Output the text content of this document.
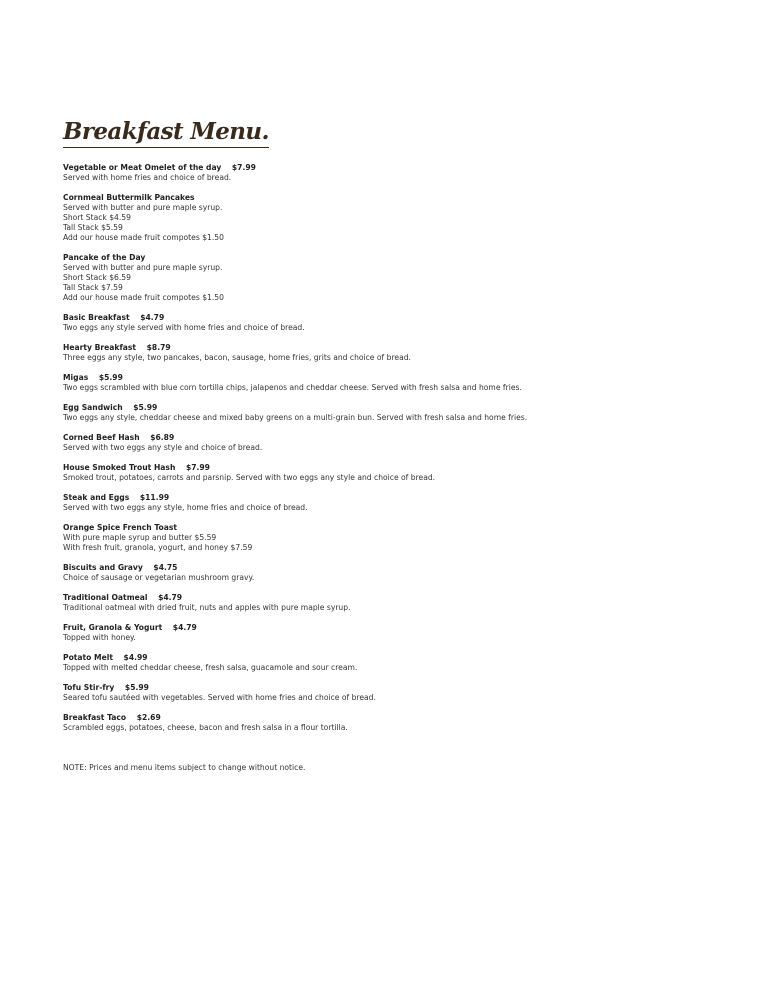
Breakfast Menu.
Vegetable or Meat Omelet of the day $7.99
Served with home fries and choice of bread.
Cornmeal Buttermilk Pancakes
Served with butter and pure maple syrup.
Short Stack $4.59
Tall Stack $5.59
Add our house made fruit compotes $1.50
Pancake of the Day
Served with butter and pure maple syrup.
Short Stack $6.59
Tall Stack $7.59
Add our house made fruit compotes $1.50
Basic Breakfast $4.79
Two eggs any style served with home fries and choice of bread.
Hearty Breakfast $8.79
Three eggs any style, two pancakes, bacon, sausage, home fries, grits and choice of bread.
Migas $5.99
Two eggs scrambled with blue corn tortilla chips, jalapenos and cheddar cheese. Served with fresh salsa and home fries.
Egg Sandwich $5.99
Two eggs any style, cheddar cheese and mixed baby greens on a multi-grain bun. Served with fresh salsa and home fries.
Corned Beef Hash $6.89
Served with two eggs any style and choice of bread.
House Smoked Trout Hash $7.99
Smoked trout, potatoes, carrots and parsnip. Served with two eggs any style and choice of bread.
Steak and Eggs $11.99
Served with two eggs any style, home fries and choice of bread.
Orange Spice French Toast
With pure maple syrup and butter $5.59
With fresh fruit, granola, yogurt, and honey $7.59
Biscuits and Gravy $4.75
Choice of sausage or vegetarian mushroom gravy.
Traditional Oatmeal $4.79
Traditional oatmeal with dried fruit, nuts and apples with pure maple syrup.
Fruit, Granola & Yogurt $4.79
Topped with honey.
Potato Melt $4.99
Topped with melted cheddar cheese, fresh salsa, guacamole and sour cream.
Tofu Stir-fry $5.99
Seared tofu sautéed with vegetables. Served with home fries and choice of bread.
Breakfast Taco $2.69
Scrambled eggs, potatoes, cheese, bacon and fresh salsa in a flour tortilla.
NOTE: Prices and menu items subject to change without notice.
